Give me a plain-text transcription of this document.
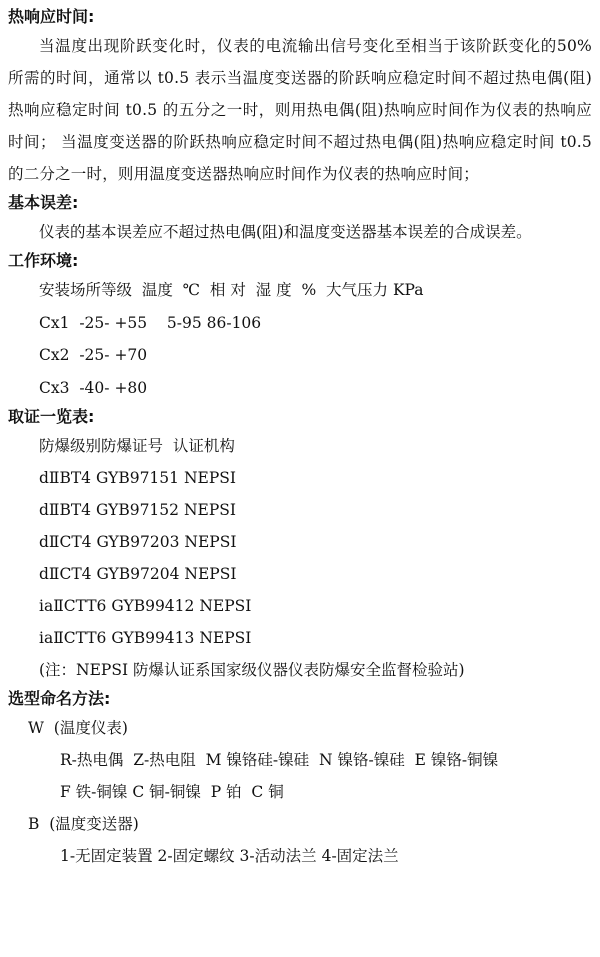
热响应时间:

当温度出现阶跃变化时，仪表的电流输出信号变化至相当于该阶跃变化的50%所需的时间，通常以 t0.5 表示当温度变送器的阶跃响应稳定时间不超过热电偶(阻)热响应稳定时间 t0.5 的五分之一时，则用热电偶(阻)热响应时间作为仪表的热响应时间； 当温度变送器的阶跃热响应稳定时间不超过热电偶(阻)热响应稳定时间 t0.5 的二分之一时，则用温度变送器热响应时间作为仪表的热响应时间；

基本误差:

仪表的基本误差应不超过热电偶(阻)和温度变送器基本误差的合成误差。

工作环境:
安装场所等级  温度  ℃  相 对  湿 度  %  大气压力 KPa
Cx1  -25- +55    5-95 86-106
Cx2  -25- +70
Cx3  -40- +80
取证一览表:
防爆级别防爆证号  认证机构
dⅡBT4 GYB97151 NEPSI
dⅡBT4 GYB97152 NEPSI
dⅡCT4 GYB97203 NEPSI
dⅡCT4 GYB97204 NEPSI
iaⅡCTT6 GYB99412 NEPSI
iaⅡCTT6 GYB99413 NEPSI
(注：NEPSI 防爆认证系国家级仪器仪表防爆安全监督检验站)
选型命名方法:
W  (温度仪表)
R-热电偶  Z-热电阻  M 镍铬硅-镍硅  N 镍铬-镍硅  E 镍铬-铜镍
F 铁-铜镍 C 铜-铜镍  P 铂  C 铜
B  (温度变送器)
1-无固定装置 2-固定螺纹 3-活动法兰 4-固定法兰
